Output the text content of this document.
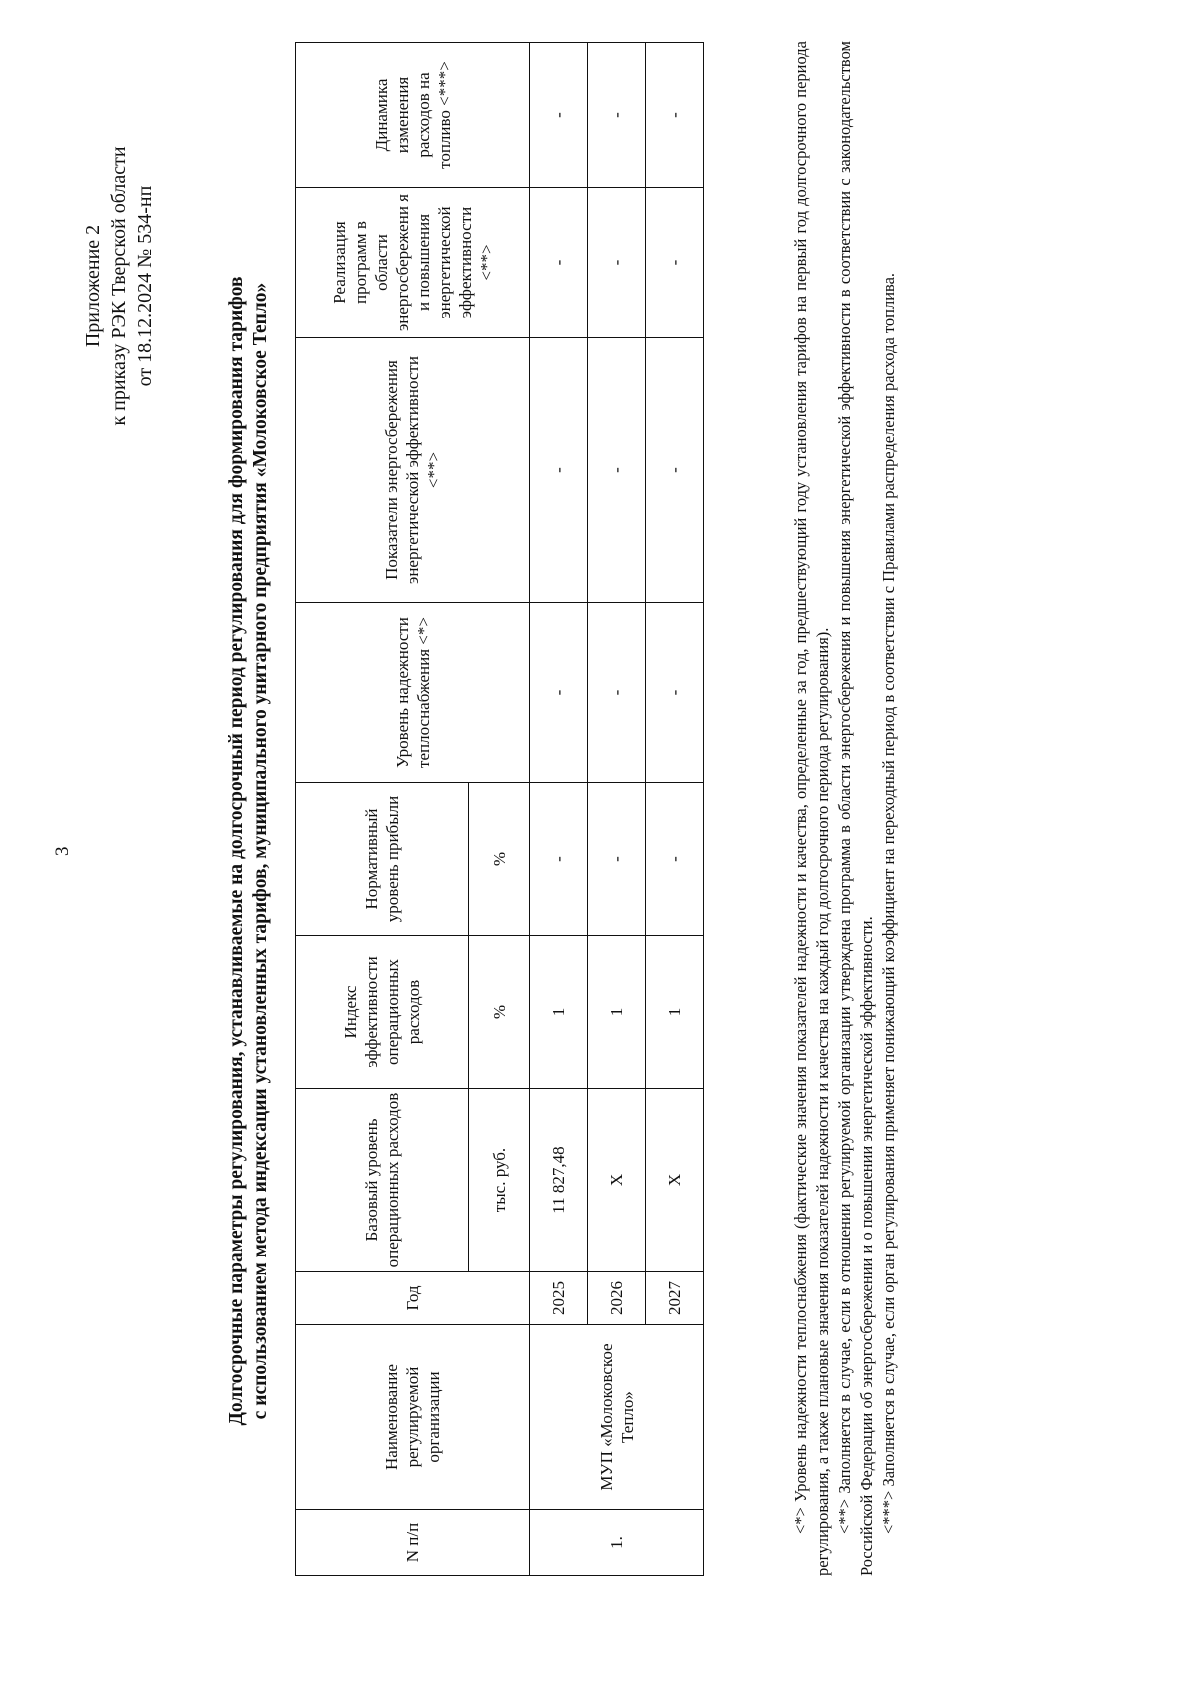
3
Приложение 2 к приказу РЭК Тверской области от 18.12.2024 № 534-нп	Долгосрочные параметры регулирования, устанавливаемые на долгосрочный период регулирования для формирования тарифов с использованием метода индексации установленных тарифов, муниципального унитарного предприятия «Молоковское Тепло»
N п/п	Наименование регулируемой организации	Год	Базовый уровень операционных расходов	Индекс эффективности операционных расходов	Нормативный уровень прибыли	Уровень надежности теплоснабжения <*>	Показатели энергосбережения энергетической эффективности <**>	Реализация программ в области энергосбережени я и повышения энергетической эффективности <**>	Динамика изменения расходов на топливо <***>
			тыс. руб.	%	%				
1.	МУП «Молоковское Тепло»	2025	11 827,48	1	-	-	-	-	-
		2026	X	1	-	-	-	-	-
		2027	X	1	-	-	-	-	-	<*> Уровень надежности теплоснабжения (фактические значения показателей надежности и качества, определенные за год, предшествующий году установления тарифов на первый год долгосрочного периода регулирования, а также плановые значения показателей надежности и качества на каждый год долгосрочного периода регулирования). <**> Заполняется в случае, если в отношении регулируемой организации утверждена программа в области энергосбережения и повышения энергетической эффективности в соответствии с законодательством Российской Федерации об энергосбережении и о повышении энергетической эффективности. <***> Заполняется в случае, если орган регулирования применяет понижающий коэффициент на переходный период в соответствии с Правилами распределения расхода топлива.
